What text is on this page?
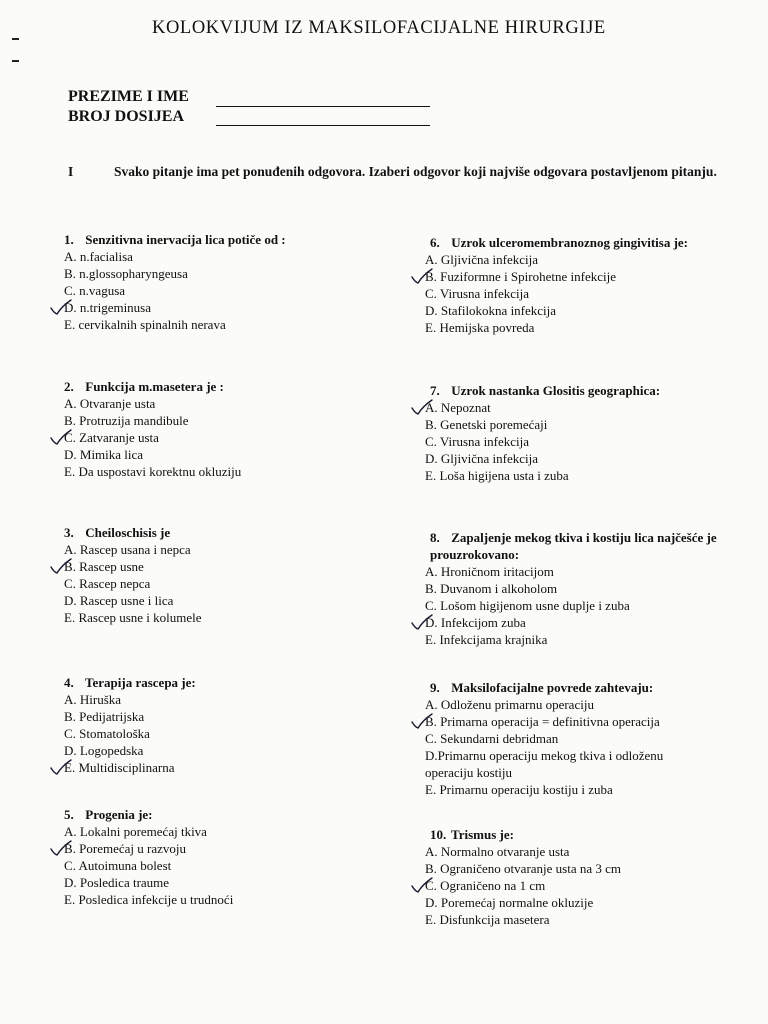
KOLOKVIJUM IZ MAKSILOFACIJALNE HIRURGIJE
PREZIME I IME
BROJ DOSIJEA
I	Svako pitanje ima pet ponuđenih odgovora. Izaberi odgovor koji najviše odgovara postavljenom pitanju.
1. Senzitivna inervacija lica potiče od :
A. n.facialisa
B. n.glossopharyngeusa
C. n.vagusa
D. n.trigeminusa
E. cervikalnih spinalnih nerava
2. Funkcija m.masetera je :
A. Otvaranje usta
B. Protruzija mandibule
C. Zatvaranje usta
D. Mimika lica
E. Da uspostavi korektnu okluziju
3. Cheiloschisis je
A. Rascep usana i nepca
B. Rascep usne
C. Rascep nepca
D. Rascep usne i lica
E. Rascep usne i kolumele
4. Terapija rascepa je:
A. Hiruška
B. Pedijatrijska
C. Stomatološka
D. Logopedska
E. Multidisciplinarna
5. Progenia je:
A. Lokalni poremećaj tkiva
B. Poremećaj u razvoju
C. Autoimuna bolest
D. Posledica traume
E. Posledica infekcije u trudnoći
6. Uzrok ulceromembranoznog gingivitisa je:
A. Gljivična infekcija
B. Fuziformne i Spirohetne infekcije
C. Virusna infekcija
D. Stafilokokna infekcija
E. Hemijska povreda
7. Uzrok nastanka Glositis geographica:
A. Nepoznat
B. Genetski poremećaji
C. Virusna infekcija
D. Gljivična infekcija
E. Loša higijena usta i zuba
8. Zapaljenje mekog tkiva i kostiju lica najčešće je prouzrokovano:
A. Hroničnom iritacijom
B. Duvanom i alkoholom
C. Lošom higijenom usne duplje i zuba
D. Infekcijom zuba
E. Infekcijama krajnika
9. Maksilofacijalne povrede zahtevaju:
A. Odloženu primarnu operaciju
B. Primarna operacija = definitivna operacija
C. Sekundarni debridman
D.Primarnu operaciju mekog tkiva i odloženu operaciju kostiju
E. Primarnu operaciju kostiju i zuba
10. Trismus je:
A. Normalno otvaranje usta
B. Ograničeno otvaranje usta na 3 cm
C. Ograničeno na 1 cm
D. Poremećaj normalne okluzije
E. Disfunkcija masetera
